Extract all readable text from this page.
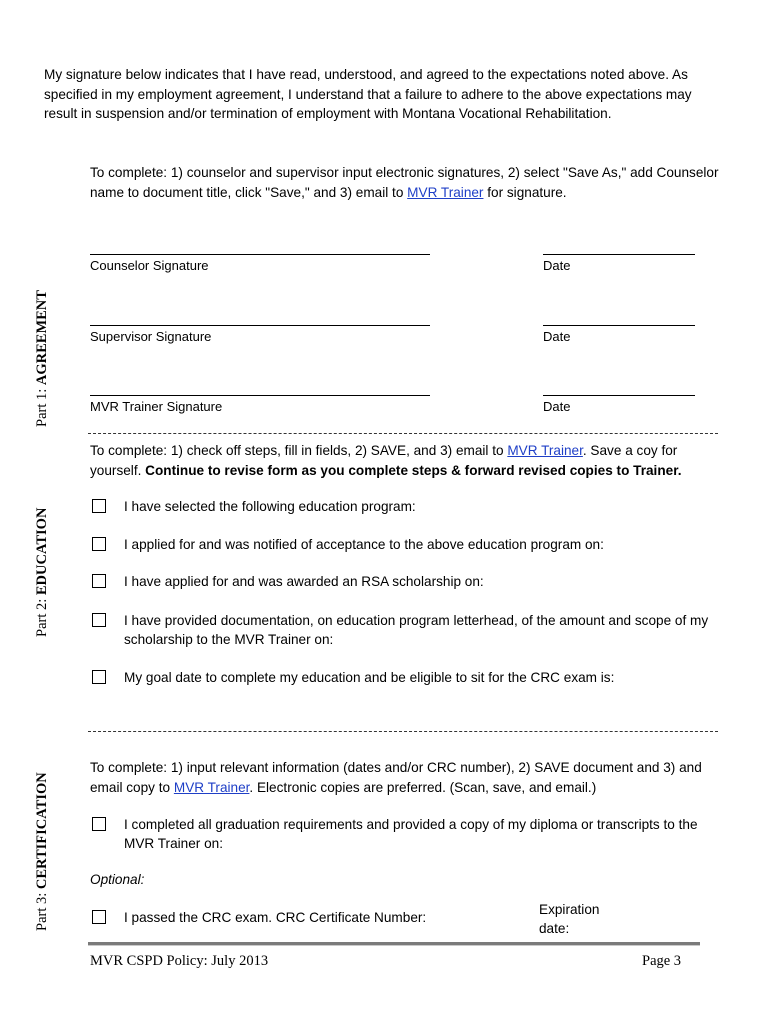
My signature below indicates that I have read, understood, and agreed to the expectations noted above. As specified in my employment agreement, I understand that a failure to adhere to the above expectations may result in suspension and/or termination of employment with Montana Vocational Rehabilitation.
Part 1: AGREEMENT
To complete: 1) counselor and supervisor input electronic signatures, 2) select "Save As," add Counselor name to document title, click "Save," and 3) email to MVR Trainer for signature.
Counselor Signature	Date
Supervisor Signature	Date
MVR Trainer Signature	Date
Part 2: EDUCATION
To complete: 1) check off steps, fill in fields, 2) SAVE, and 3) email to MVR Trainer. Save a coy for yourself. Continue to revise form as you complete steps & forward revised copies to Trainer.
I have selected the following education program:
I applied for and was notified of acceptance to the above education program on:
I have applied for and was awarded an RSA scholarship on:
I have provided documentation, on education program letterhead, of the amount and scope of my scholarship to the MVR Trainer on:
My goal date to complete my education and be eligible to sit for the CRC exam is:
Part 3: CERTIFICATION
To complete: 1) input relevant information (dates and/or CRC number), 2) SAVE document and 3) and email copy to MVR Trainer. Electronic copies are preferred. (Scan, save, and email.)
I completed all graduation requirements and provided a copy of my diploma or transcripts to the MVR Trainer on:
Optional:
I passed the CRC exam. CRC Certificate Number:
Expiration date:
MVR CSPD Policy: July 2013	Page 3
